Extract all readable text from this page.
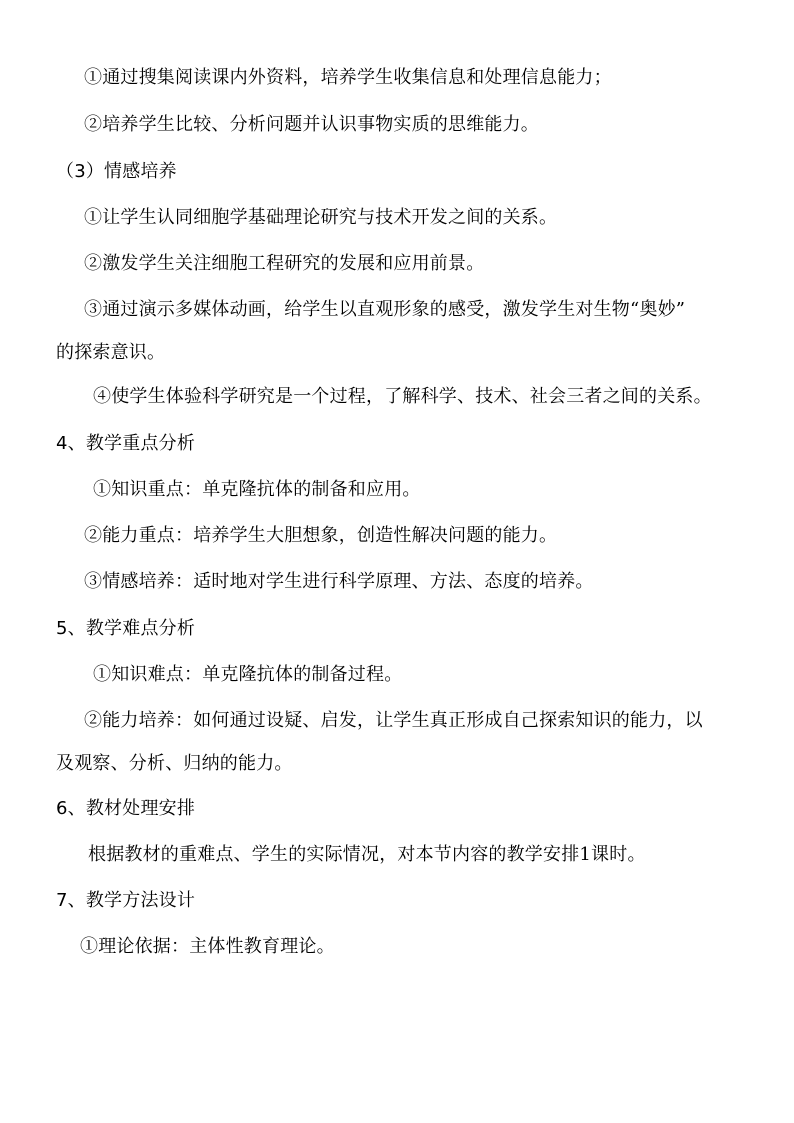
①通过搜集阅读课内外资料，培养学生收集信息和处理信息能力；
②培养学生比较、分析问题并认识事物实质的思维能力。
（3）情感培养
①让学生认同细胞学基础理论研究与技术开发之间的关系。
②激发学生关注细胞工程研究的发展和应用前景。
③通过演示多媒体动画，给学生以直观形象的感受，激发学生对生物“奥妙”
的探索意识。
④使学生体验科学研究是一个过程，了解科学、技术、社会三者之间的关系。
4、教学重点分析
①知识重点：单克隆抗体的制备和应用。
②能力重点：培养学生大胆想象，创造性解决问题的能力。
③情感培养：适时地对学生进行科学原理、方法、态度的培养。
5、教学难点分析
①知识难点：单克隆抗体的制备过程。
②能力培养：如何通过设疑、启发，让学生真正形成自己探索知识的能力，以
及观察、分析、归纳的能力。
6、教材处理安排
根据教材的重难点、学生的实际情况，对本节内容的教学安排1课时。
7、教学方法设计
①理论依据：主体性教育理论。
